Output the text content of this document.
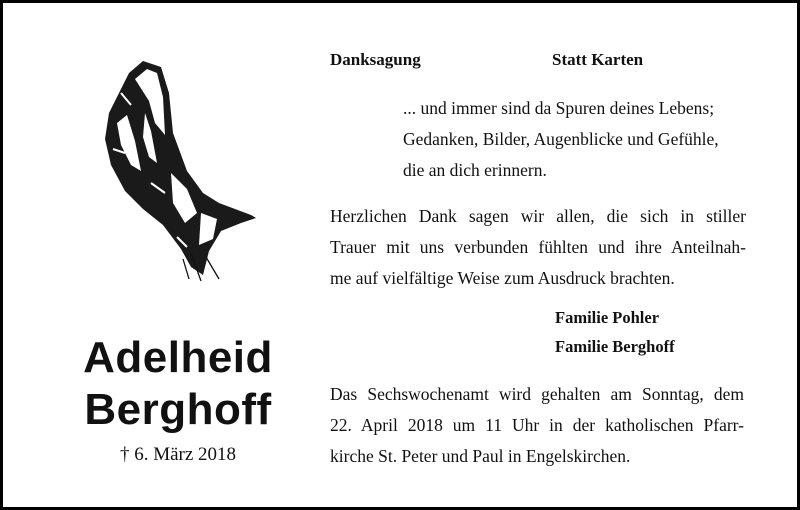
Adelheid
Berghoff
† 6. März 2018
Danksagung	Statt Karten
... und immer sind da Spuren deines Lebens;
Gedanken, Bilder, Augenblicke und Gefühle,
die an dich erinnern.
Herzlichen Dank sagen wir allen, die sich in stiller
Trauer mit uns verbunden fühlten und ihre Anteilnah-
me auf vielfältige Weise zum Ausdruck brachten.
Familie Pohler
Familie Berghoff
Das Sechswochenamt wird gehalten am Sonntag, dem
22. April 2018 um 11 Uhr in der katholischen Pfarr-
kirche St. Peter und Paul in Engelskirchen.
